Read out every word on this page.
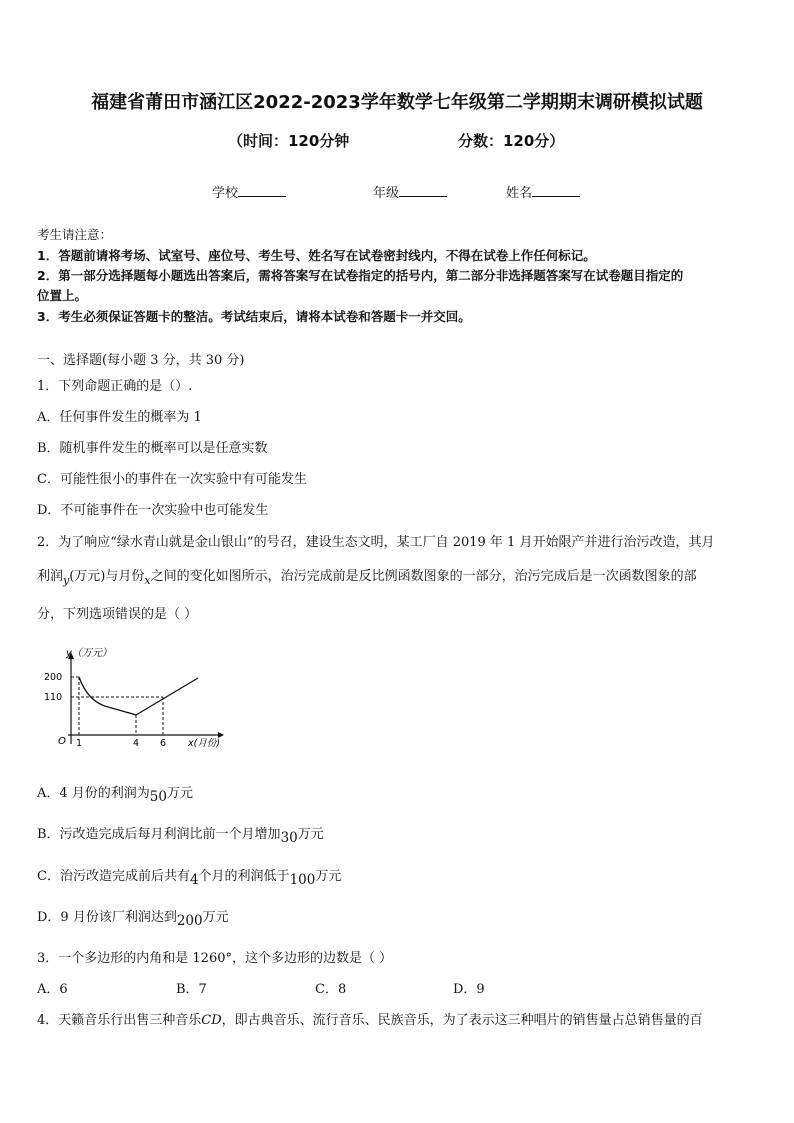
福建省莆田市涵江区2022-2023学年数学七年级第二学期期末调研模拟试题
（时间：120分钟	分数：120分）
学校	年级	姓名
考生请注意：
1．答题前请将考场、试室号、座位号、考生号、姓名写在试卷密封线内，不得在试卷上作任何标记。
2．第一部分选择题每小题选出答案后，需将答案写在试卷指定的括号内，第二部分非选择题答案写在试卷题目指定的
位置上。
3．考生必须保证答题卡的整洁。考试结束后，请将本试卷和答题卡一并交回。
一、选择题(每小题 3 分，共 30 分)
1．下列命题正确的是（）.
A．任何事件发生的概率为 1
B．随机事件发生的概率可以是任意实数
C．可能性很小的事件在一次实验中有可能发生
D．不可能事件在一次实验中也可能发生
2．为了响应“绿水青山就是金山银山”的号召，建设生态文明，某工厂自 2019 年 1 月开始限产并进行治污改造，其月
利润$_y$(万元)与月份$_x$之间的变化如图所示，治污完成前是反比例函数图象的一部分，治污完成后是一次函数图象的部
分，下列选项错误的是（ ）
y（万元）
200
110
O 1	4 6 x(月份)
A．4 月份的利润为50万元
B．污改造完成后每月利润比前一个月增加30万元
C．治污改造完成前后共有4个月的利润低于100万元
D．9 月份该厂利润达到200万元
3．一个多边形的内角和是 1260°，这个多边形的边数是（ ）
A．6	B．7	C．8	D．9
4．天籁音乐行出售三种音乐CD，即古典音乐、流行音乐、民族音乐，为了表示这三种唱片的销售量占总销售量的百
